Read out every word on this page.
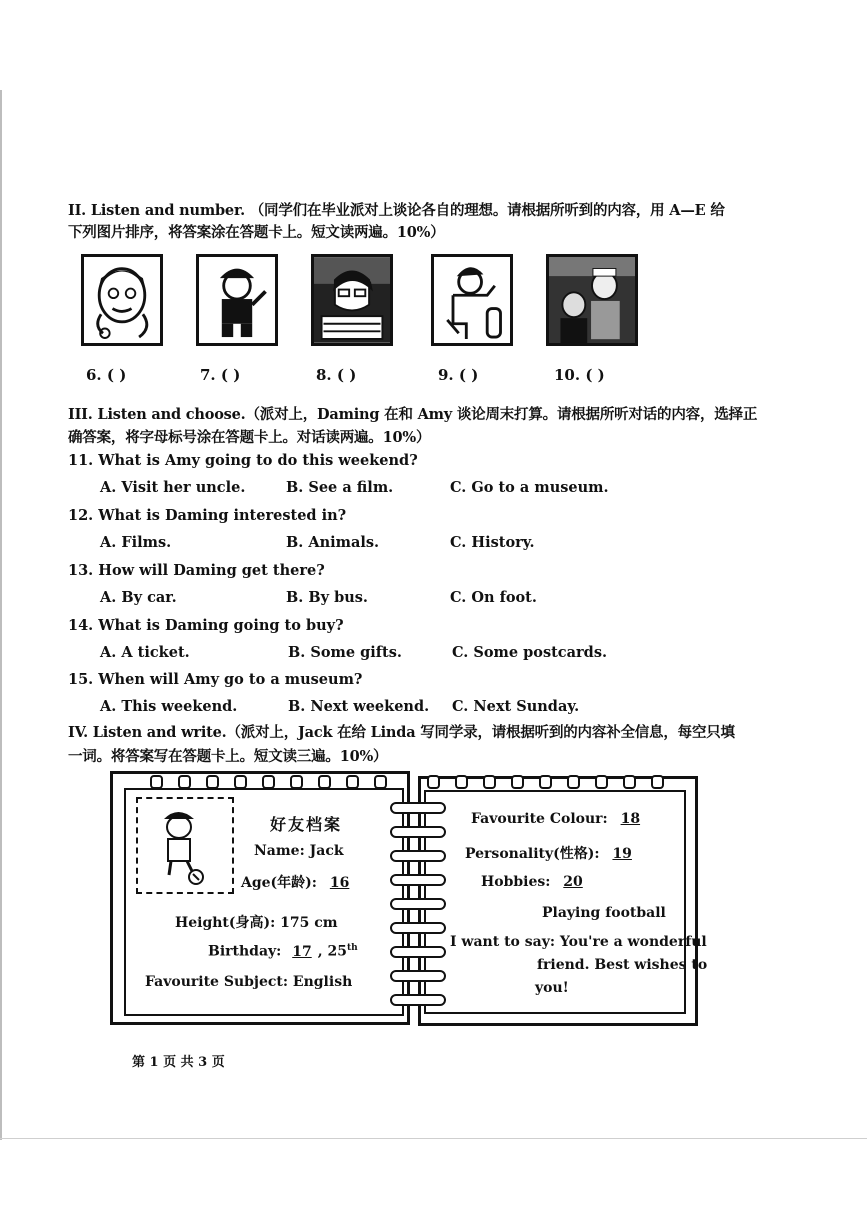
II. Listen and number. （同学们在毕业派对上谈论各自的理想。请根据所听到的内容，用 A—E 给
下列图片排序，将答案涂在答题卡上。短文读两遍。10%）
6. ( )	7. ( )	8. ( )	9. ( )	10. ( )
III. Listen and choose.（派对上，Daming 在和 Amy 谈论周末打算。请根据所听对话的内容，选择正
确答案，将字母标号涂在答题卡上。对话读两遍。10%）
11. What is Amy going to do this weekend?
A. Visit her uncle.	B. See a film.	C. Go to a museum.
12. What is Daming interested in?
A. Films.	B. Animals.	C. History.
13. How will Daming get there?
A. By car.	B. By bus.	C. On foot.
14. What is Daming going to buy?
A. A ticket.	B. Some gifts.	C. Some postcards.
15. When will Amy go to a museum?
A. This weekend.	B. Next weekend. C. Next Sunday.
IV. Listen and write.（派对上，Jack 在给 Linda 写同学录，请根据听到的内容补全信息，每空只填
一词。将答案写在答题卡上。短文读三遍。10%）
好友档案
Name: Jack
Age(年龄): 16
Height(身高): 175 cm
Birthday: 17 , 25th
Favourite Subject: English
Favourite Colour: 18
Personality(性格): 19
Hobbies: 20
Playing football
I want to say: You're a wonderful
friend. Best wishes to
you!
第 1 页 共 3 页
